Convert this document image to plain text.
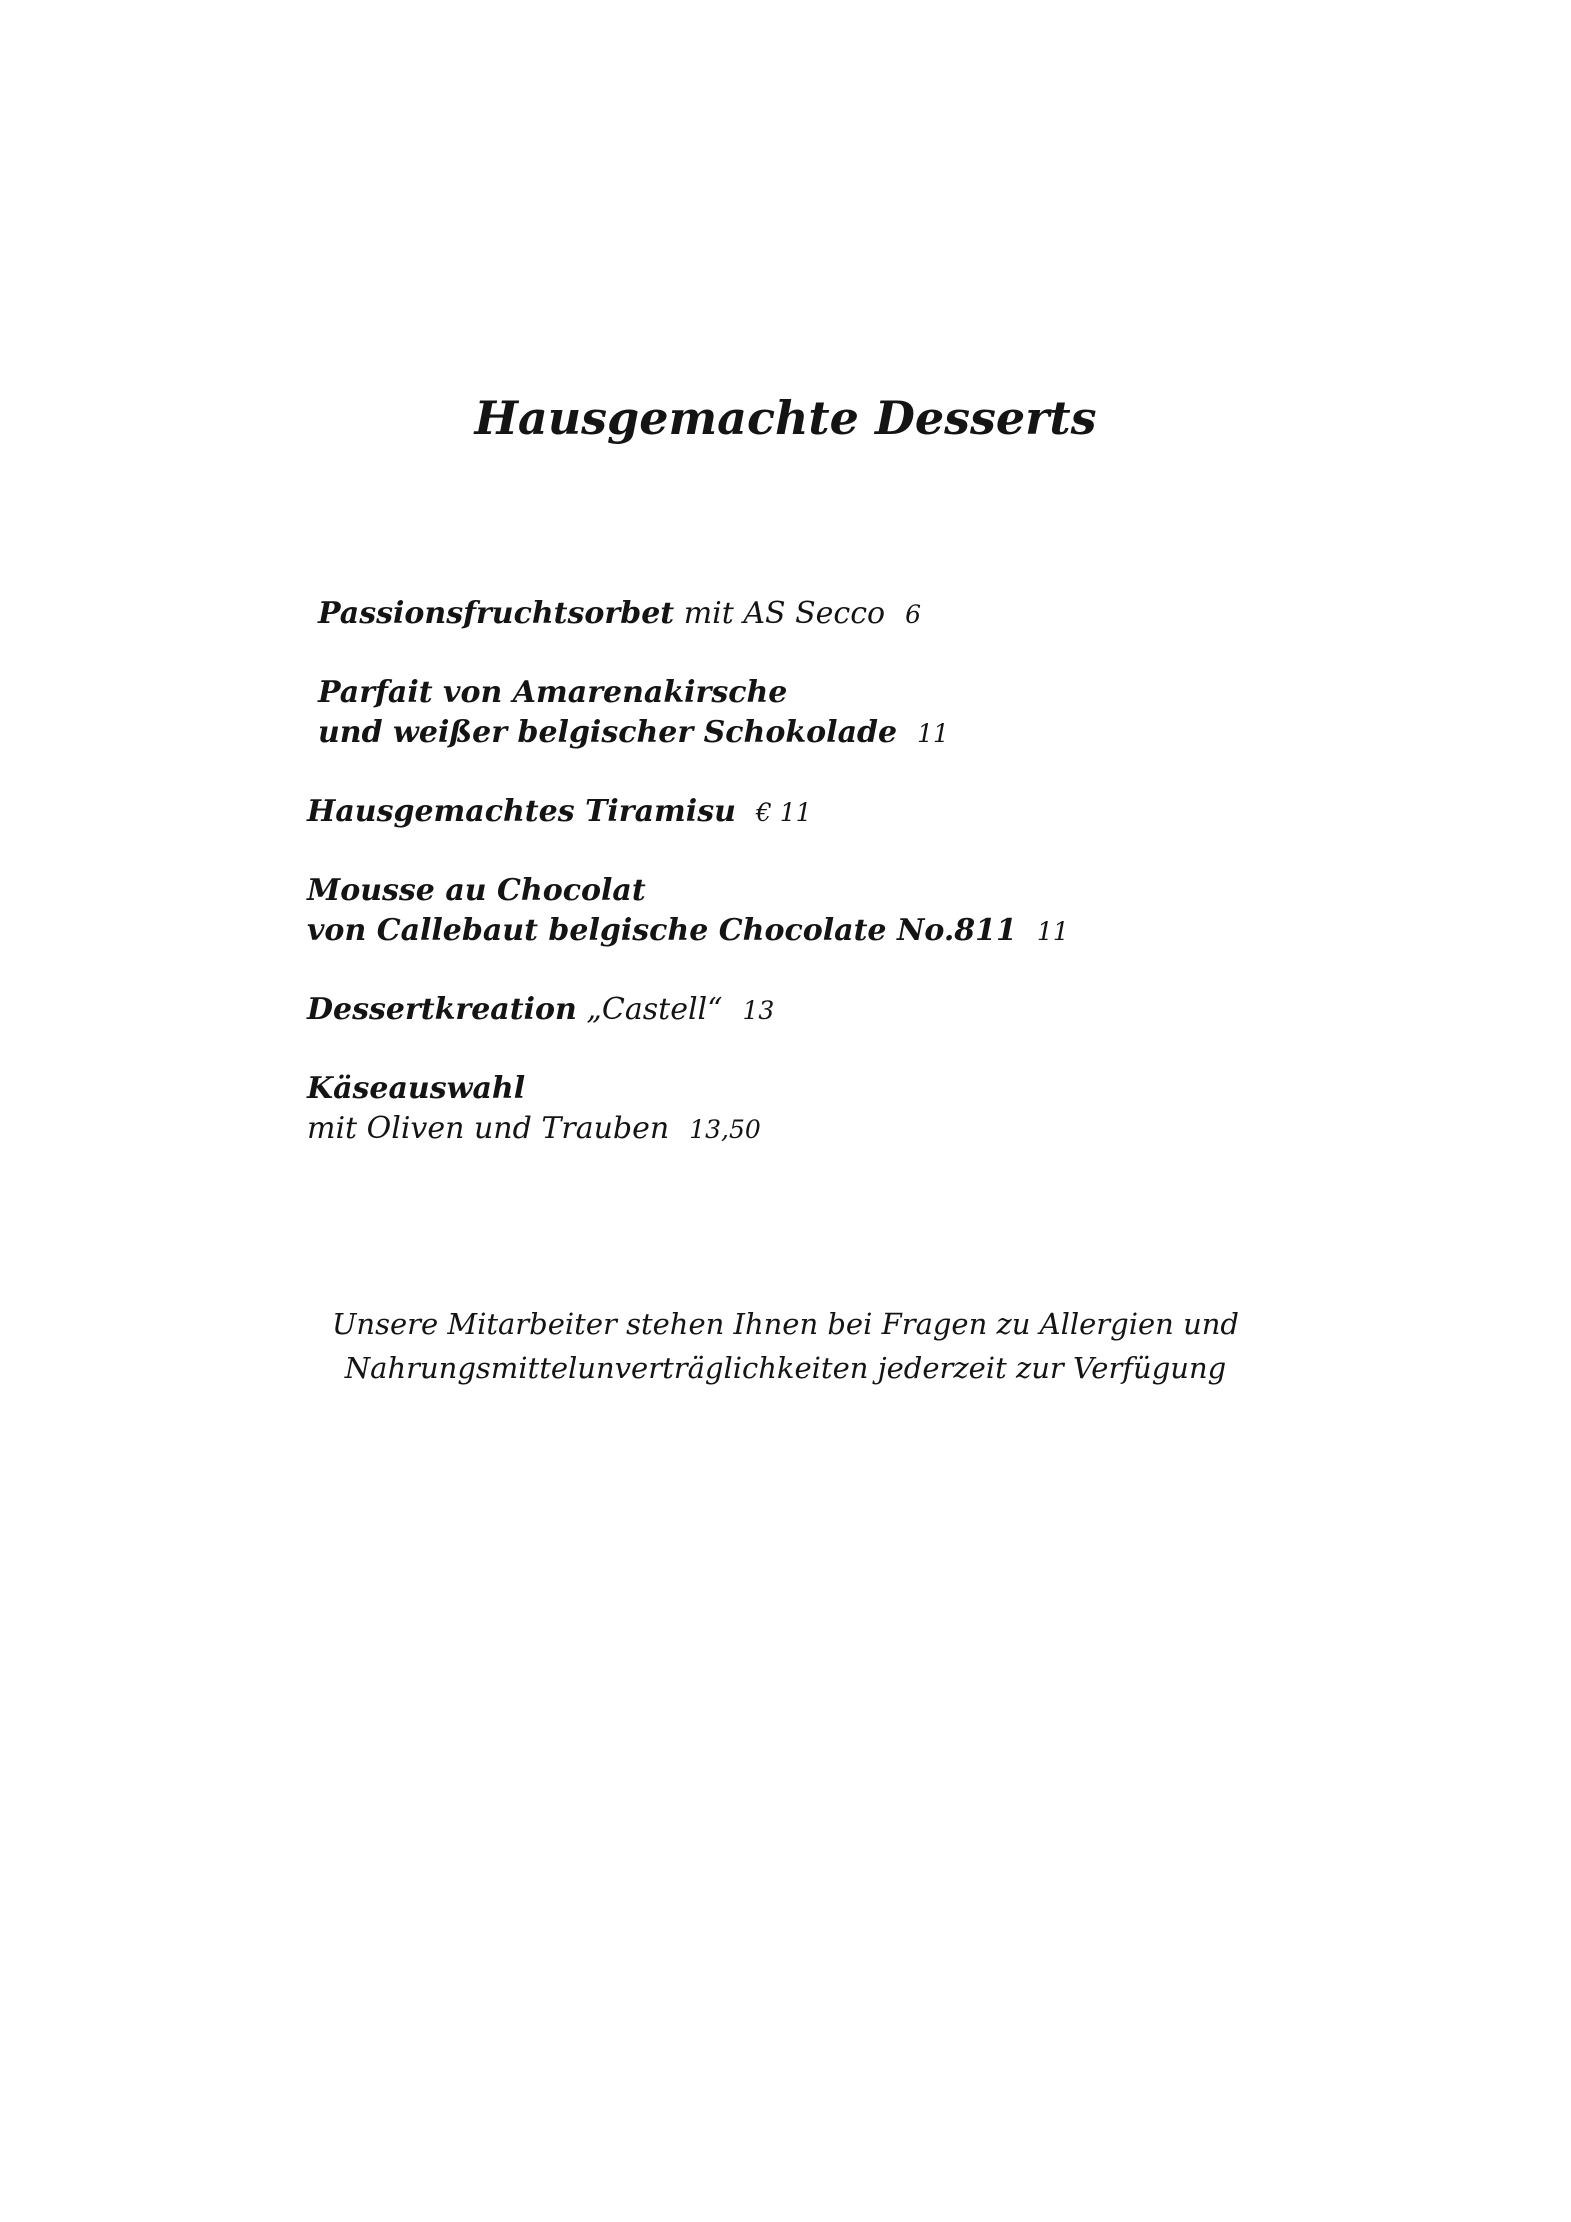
Hausgemachte Desserts
Passionsfruchtsorbet mit AS Secco 6
Parfait von Amarenakirsche
und weißer belgischer Schokolade 11
Hausgemachtes Tiramisu € 11
Mousse au Chocolat
von Callebaut belgische Chocolate No.811 11
Dessertkreation „Castell“ 13
Käseauswahl
mit Oliven und Trauben 13,50
Unsere Mitarbeiter stehen Ihnen bei Fragen zu Allergien und
Nahrungsmittelunverträglichkeiten jederzeit zur Verfügung
